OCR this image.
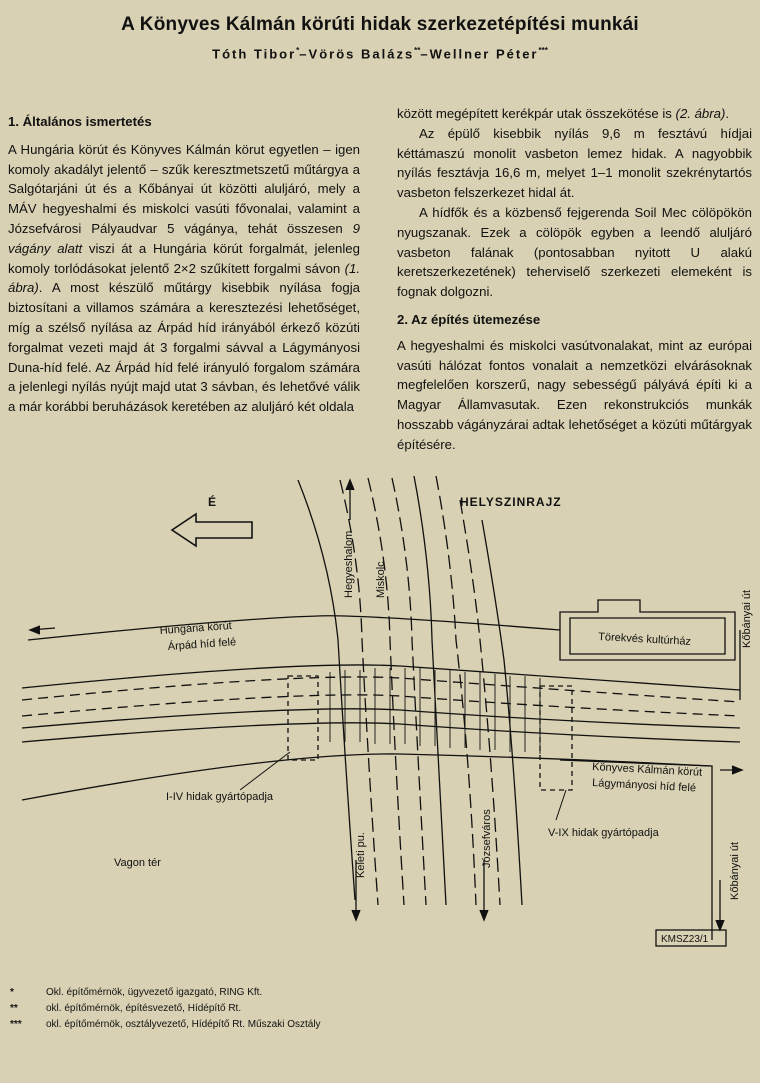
A Könyves Kálmán körúti hidak szerkezetépítési munkái
Tóth Tibor*–Vörös Balázs**–Wellner Péter***
1. Általános ismertetés

A Hungária körút és Könyves Kálmán körut egyetlen – igen komoly akadályt jelentő – szűk keresztmetszetű műtárgya a Salgótarjáni út és a Kőbányai út közötti aluljáró, mely a MÁV hegyeshalmi és miskolci vasúti fővonalai, valamint a Józsefvárosi Pályaudvar 5 vágánya, tehát összesen 9 vágány alatt viszi át a Hungária körút forgalmát, jelenleg komoly torlódásokat jelentő 2×2 szűkített forgalmi sávon (1. ábra). A most készülő műtárgy kisebbik nyílása fogja biztosítani a villamos számára a keresztezési lehetőséget, míg a szélső nyílása az Árpád híd irányából érkező közúti forgalmat vezeti majd át 3 forgalmi sávval a Lágymányosi Duna-híd felé. Az Árpád híd felé irányuló forgalom számára a jelenlegi nyílás nyújt majd utat 3 sávban, és lehetővé válik a már korábbi beruházások keretében az aluljáró két oldala

között megépített kerékpár utak összekötése is (2. ábra).

Az épülő kisebbik nyílás 9,6 m fesztávú hídjai kéttámaszú monolit vasbeton lemez hidak. A nagyobbik nyílás fesztávja 16,6 m, melyet 1–1 monolit szekrénytartós vasbeton felszerkezet hidal át.

A hídfők és a közbenső fejgerenda Soil Mec cölöpökön nyugszanak. Ezek a cölöpök egyben a leendő aluljáró vasbeton falának (pontosabban nyitott U alakú keretszerkezetének) teherviselő szerkezeti elemeként is fognak dolgozni.

2. Az építés ütemezése

A hegyeshalmi és miskolci vasútvonalakat, mint az európai vasúti hálózat fontos vonalait a nemzetközi elvárásoknak megfelelően korszerű, nagy sebességű pályává építi ki a Magyar Államvasutak. Ezen rekonstrukciós munkák hosszabb vágányzárai adtak lehetőséget a közúti műtárgyak építésére.

É	HELYSZINRAJZ
Hegyeshalom Miskolc
Hungária körút
Árpád híd felé	Törekvés kultúrház	Kőbányai út
Könyves Kálmán körút
Lágymányosi híd felé
I-IV hidak gyártópadja
V-IX hidak gyártópadja
Vagon tér	Keleti pu.	Józsefváros
Kőbányai út
KMSZ23/1
*	Okl. építőmérnök, ügyvezető igazgató, RING Kft.
**	okl. építőmérnök, építésvezető, Hídépítő Rt.
*** okl. építőmérnök, osztályvezető, Hídépítő Rt. Műszaki Osztály
